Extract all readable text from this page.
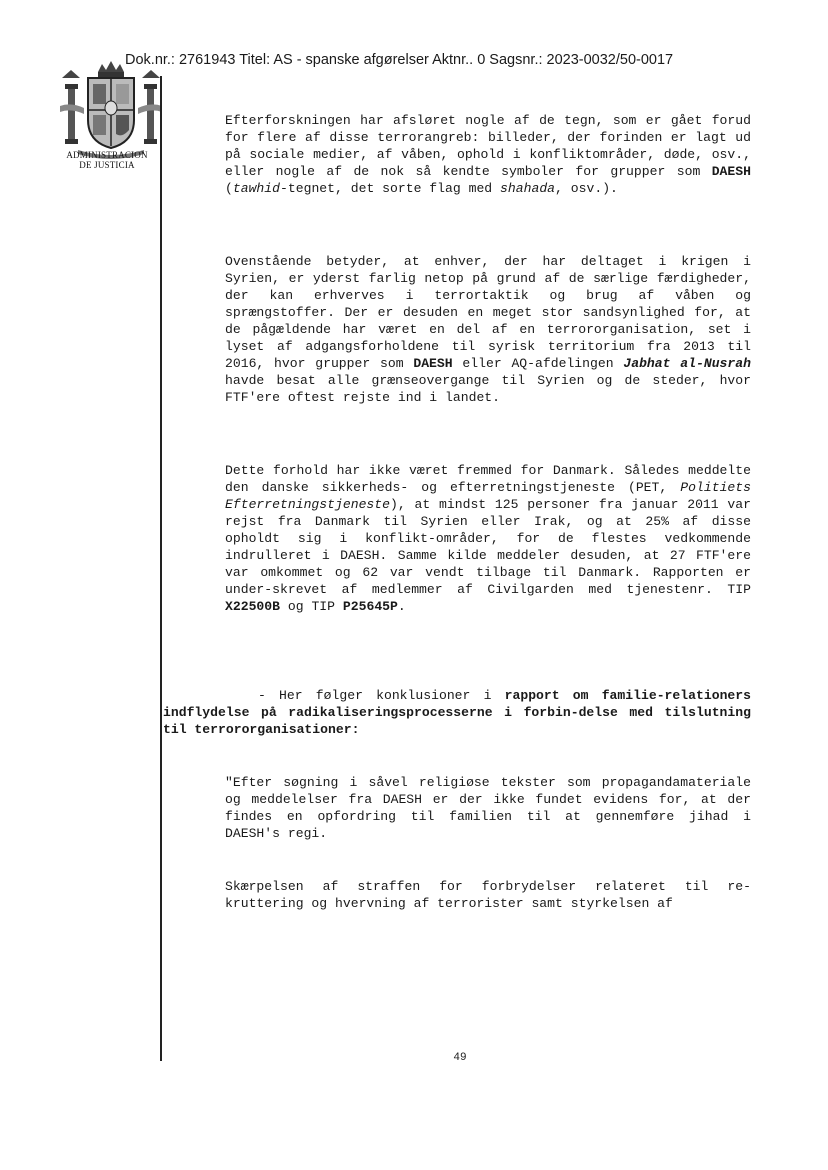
Dok.nr.: 2761943 Titel: AS - spanske afgørelser Aktnr.. 0 Sagsnr.: 2023-0032/50-0017
ADMINISTRACION
DE JUSTICIA

Efterforskningen har afsløret nogle af de tegn, som er gået forud for flere af disse terrorangreb: billeder, der forinden er lagt ud på sociale medier, af våben, ophold i konfliktområder, døde, osv., eller nogle af de nok så kendte symboler for grupper som DAESH (tawhid-tegnet, det sorte flag med shahada, osv.).

Ovenstående betyder, at enhver, der har deltaget i krigen i Syrien, er yderst farlig netop på grund af de særlige færdigheder, der kan erhverves i terrortaktik og brug af våben og sprængstoffer. Der er desuden en meget stor sandsynlighed for, at de pågældende har været en del af en terrororganisation, set i lyset af adgangsforholdene til syrisk territorium fra 2013 til 2016, hvor grupper som DAESH eller AQ-afdelingen Jabhat al-Nusrah havde besat alle grænseovergange til Syrien og de steder, hvor FTF'ere oftest rejste ind i landet.

Dette forhold har ikke været fremmed for Danmark. Således meddelte den danske sikkerheds- og efterretningstjeneste (PET, Politiets Efterretningstjeneste), at mindst 125 personer fra januar 2011 var rejst fra Danmark til Syrien eller Irak, og at 25% af disse opholdt sig i konflikt-områder, for de flestes vedkommende indrulleret i DAESH. Samme kilde meddeler desuden, at 27 FTF'ere var omkommet og 62 var vendt tilbage til Danmark. Rapporten er under-skrevet af medlemmer af Civilgarden med tjenestenr. TIP X22500B og TIP P25645P.

- Her følger konklusioner i rapport om familie-relationers indflydelse på radikaliseringsprocesserne i forbin-delse med tilslutning til terrororganisationer:

"Efter søgning i såvel religiøse tekster som propagandamateriale og meddelelser fra DAESH er der ikke fundet evidens for, at der findes en opfordring til familien til at gennemføre jihad i DAESH's regi.

Skærpelsen af straffen for forbrydelser relateret til re-kruttering og hvervning af terrorister samt styrkelsen af

49
